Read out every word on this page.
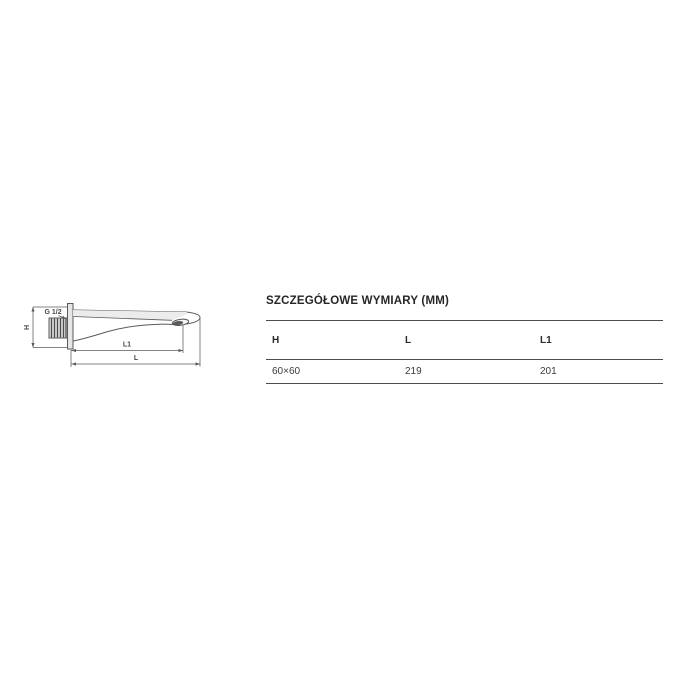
H
G 1/2
L1
L
SZCZEGÓŁOWE WYMIARY (MM)
H	L	L1
60×60	219	201
